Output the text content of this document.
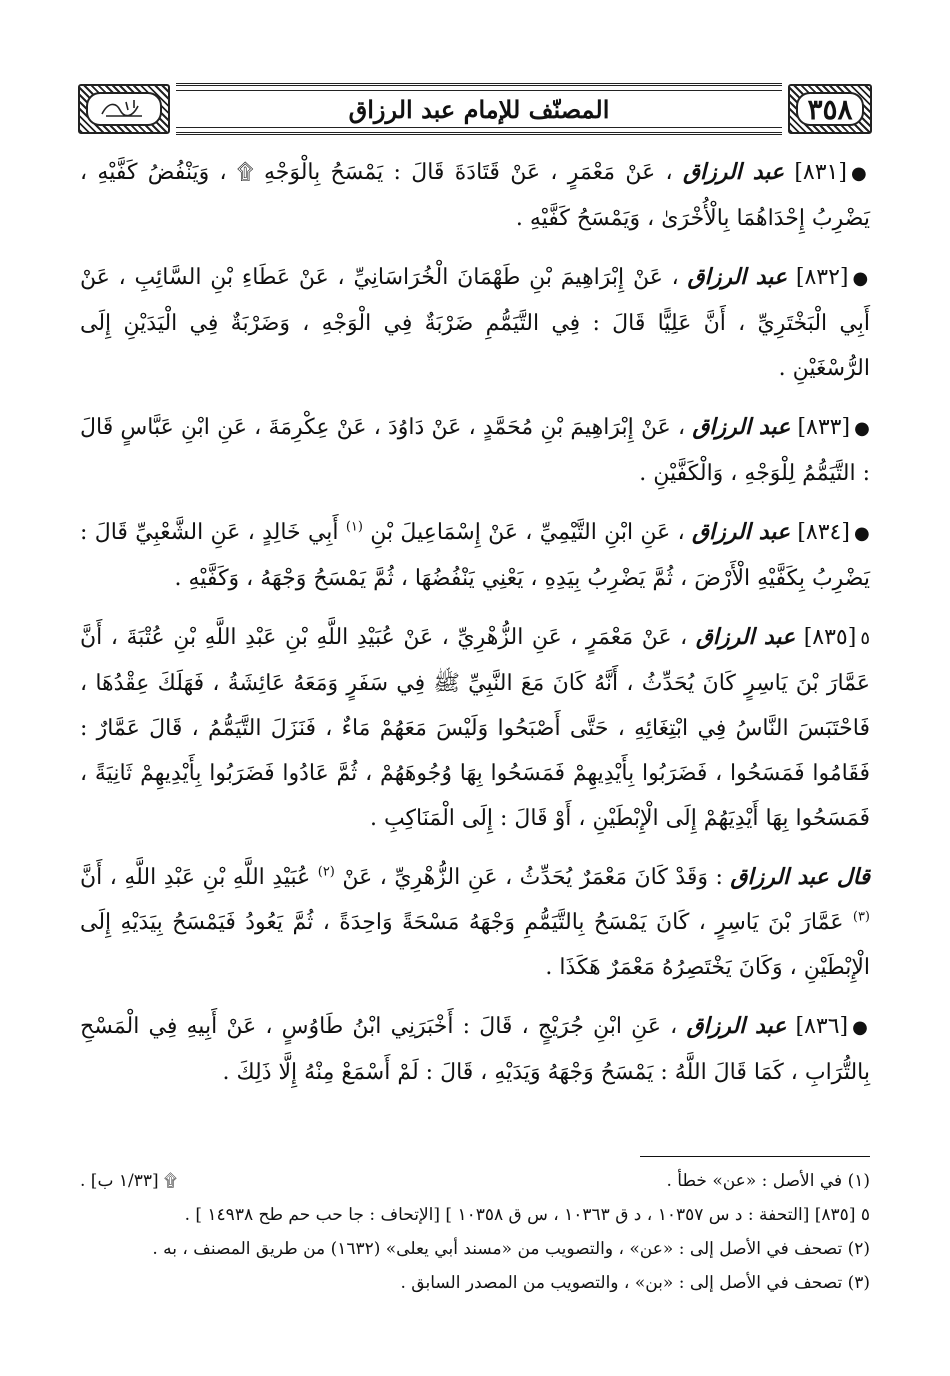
المصنّف للإمام عبد الرزاق	٣٥٨

●[٨٣١] عبد الرزاق ، عَنْ مَعْمَرٍ ، عَنْ قَتَادَةَ قَالَ : يَمْسَحُ بِالْوَجْهِ ۩ ، وَيَنْفُضُ كَفَّيْهِ ، يَضْرِبُ إِحْدَاهُمَا بِالْأُخْرَىٰ ، وَيَمْسَحُ كَفَّيْهِ .

●[٨٣٢] عبد الرزاق ، عَنْ إِبْرَاهِيمَ بْنِ طَهْمَانَ الْخُرَاسَانِيِّ ، عَنْ عَطَاءِ بْنِ السَّائِبِ ، عَنْ أَبِي الْبَخْتَرِيِّ ، أَنَّ عَلِيًّا قَالَ : فِي التَّيَمُّمِ ضَرْبَةٌ فِي الْوَجْهِ ، وَضَرْبَةٌ فِي الْيَدَيْنِ إِلَى الرُّسْغَيْنِ .

●[٨٣٣] عبد الرزاق ، عَنْ إِبْرَاهِيمَ بْنِ مُحَمَّدٍ ، عَنْ دَاوُدَ ، عَنْ عِكْرِمَةَ ، عَنِ ابْنِ عَبَّاسٍ قَالَ : التَّيَمُّمُ لِلْوَجْهِ ، وَالْكَفَّيْنِ .

●[٨٣٤] عبد الرزاق ، عَنِ ابْنِ التَّيْمِيِّ ، عَنْ إِسْمَاعِيلَ بْنِ $^{(١)}$ أَبِي خَالِدٍ ، عَنِ الشَّعْبِيِّ قَالَ : يَضْرِبُ بِكَفَّيْهِ الْأَرْضَ ، ثُمَّ يَضْرِبُ بِيَدِهِ ، يَعْنِي يَنْفُضُهَا ، ثُمَّ يَمْسَحُ وَجْهَهُ ، وَكَفَّيْهِ .

٥[٨٣٥] عبد الرزاق ، عَنْ مَعْمَرٍ ، عَنِ الزُّهْرِيِّ ، عَنْ عُبَيْدِ اللَّهِ بْنِ عَبْدِ اللَّهِ بْنِ عُتْبَةَ ، أَنَّ عَمَّارَ بْنَ يَاسِرٍ كَانَ يُحَدِّثُ ، أَنَّهُ كَانَ مَعَ النَّبِيِّ ﷺ فِي سَفَرٍ وَمَعَهُ عَائِشَةُ ، فَهَلَكَ عِقْدُهَا ، فَاحْتَبَسَ النَّاسُ فِي ابْتِغَائِهِ ، حَتَّى أَصْبَحُوا وَلَيْسَ مَعَهُمْ مَاءٌ ، فَنَزَلَ التَّيَمُّمُ ، قَالَ عَمَّارٌ : فَقَامُوا فَمَسَحُوا ، فَضَرَبُوا بِأَيْدِيهِمْ فَمَسَحُوا بِهَا وُجُوهَهُمْ ، ثُمَّ عَادُوا فَضَرَبُوا بِأَيْدِيهِمْ ثَانِيَةً ، فَمَسَحُوا بِهَا أَيْدِيَهُمْ إِلَى الْإِبْطَيْنِ ، أَوْ قَالَ : إِلَى الْمَنَاكِبِ .

قال عبد الرزاق : وَقَدْ كَانَ مَعْمَرٌ يُحَدِّثُ ، عَنِ الزُّهْرِيِّ ، عَنْ $^{(٢)}$ عُبَيْدِ اللَّهِ بْنِ عَبْدِ اللَّهِ ، أَنَّ $^{(٣)}$ عَمَّارَ بْنَ يَاسِرٍ ، كَانَ يَمْسَحُ بِالتَّيَمُّمِ وَجْهَهُ مَسْحَةً وَاحِدَةً ، ثُمَّ يَعُودُ فَيَمْسَحُ بِيَدَيْهِ إِلَى الْإِبْطَيْنِ ، وَكَانَ يَخْتَصِرُهُ مَعْمَرٌ هَكَذَا .

●[٨٣٦] عبد الرزاق ، عَنِ ابْنِ جُرَيْجٍ ، قَالَ : أَخْبَرَنِي ابْنُ طَاوُسٍ ، عَنْ أَبِيهِ فِي الْمَسْحِ بِالتُّرَابِ ، كَمَا قَالَ اللَّهُ : يَمْسَحُ وَجْهَهُ وَيَدَيْهِ ، قَالَ : لَمْ أَسْمَعْ مِنْهُ إِلَّا ذَلِكَ .

(١) في الأصل : «عن» خطأ .
۩ [١/٣٣ ب] .
٥ [٨٣٥] [التحفة : د س ١٠٣٥٧ ، د ق ١٠٣٦٣ ، س ق ١٠٣٥٨ ] [الإتحاف : جا حب حم طح ١٤٩٣٨ ] .
(٢) تصحف في الأصل إلى : «عن» ، والتصويب من «مسند أبي يعلى» (١٦٣٢) من طريق المصنف ، به .
(٣) تصحف في الأصل إلى : «بن» ، والتصويب من المصدر السابق .
